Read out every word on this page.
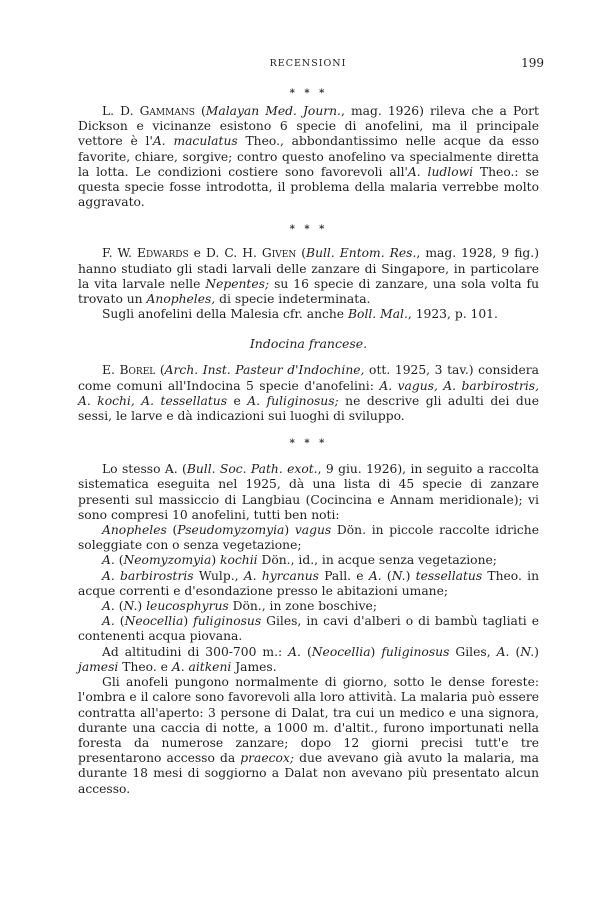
RECENSIONI	199
* * *

L. D. Gammans (Malayan Med. Journ., mag. 1926) rileva che a Port Dickson e vicinanze esistono 6 specie di anofelini, ma il principale vettore è l'A. maculatus Theo., abbondantissimo nelle acque da esso favorite, chiare, sorgive; contro questo anofelino va specialmente diretta la lotta. Le condizioni costiere sono favorevoli all'A. ludlowi Theo.: se questa specie fosse introdotta, il problema della malaria verrebbe molto aggravato.

* * *

F. W. Edwards e D. C. H. Given (Bull. Entom. Res., mag. 1928, 9 fig.) hanno studiato gli stadi larvali delle zanzare di Singapore, in particolare la vita larvale nelle Nepentes; su 16 specie di zanzare, una sola volta fu trovato un Anopheles, di specie indeterminata.

Sugli anofelini della Malesia cfr. anche Boll. Mal., 1923, p. 101.

Indocina francese.

E. Borel (Arch. Inst. Pasteur d'Indochine, ott. 1925, 3 tav.) considera come comuni all'Indocina 5 specie d'anofelini: A. vagus, A. barbirostris, A. kochi, A. tessellatus e A. fuliginosus; ne descrive gli adulti dei due sessi, le larve e dà indicazioni sui luoghi di sviluppo.

* * *

Lo stesso A. (Bull. Soc. Path. exot., 9 giu. 1926), in seguito a raccolta sistematica eseguita nel 1925, dà una lista di 45 specie di zanzare presenti sul massiccio di Langbiau (Cocincina e Annam meridionale); vi sono compresi 10 anofelini, tutti ben noti:

Anopheles (Pseudomyzomyia) vagus Dön. in piccole raccolte idriche soleggiate con o senza vegetazione;

A. (Neomyzomyia) kochii Dön., id., in acque senza vegetazione;

A. barbirostris Wulp., A. hyrcanus Pall. e A. (N.) tessellatus Theo. in acque correnti e d'esondazione presso le abitazioni umane;

A. (N.) leucosphyrus Dön., in zone boschive;

A. (Neocellia) fuliginosus Giles, in cavi d'alberi o di bambù tagliati e contenenti acqua piovana.

Ad altitudini di 300-700 m.: A. (Neocellia) fuliginosus Giles, A. (N.) jamesi Theo. e A. aitkeni James.

Gli anofeli pungono normalmente di giorno, sotto le dense foreste: l'ombra e il calore sono favorevoli alla loro attività. La malaria può essere contratta all'aperto: 3 persone di Dalat, tra cui un medico e una signora, durante una caccia di notte, a 1000 m. d'altit., furono importunati nella foresta da numerose zanzare; dopo 12 giorni precisi tutt'e tre presentarono accesso da praecox; due avevano già avuto la malaria, ma durante 18 mesi di soggiorno a Dalat non avevano più presentato alcun accesso.
